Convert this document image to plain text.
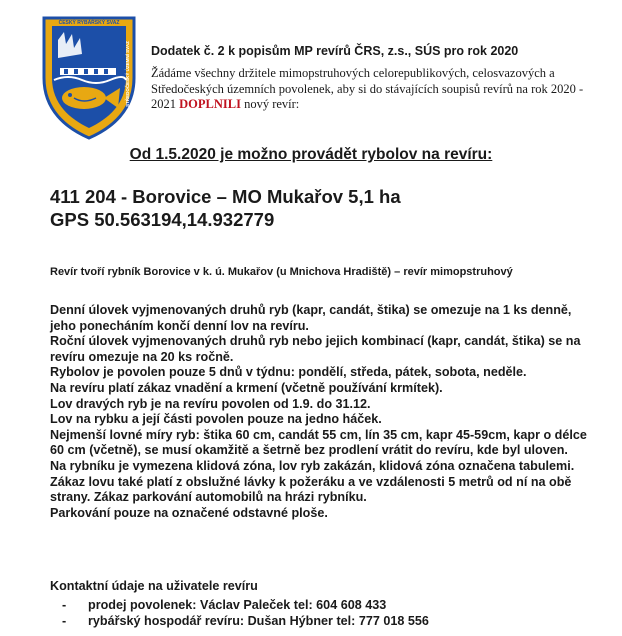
ČESKÝ RYBÁŘSKÝ SVAZ
STŘEDOČESKÝ ÚZEMNÍ SVAZ Dodatek č. 2 k popisům MP revírů ČRS, z.s., SÚS pro rok 2020
Žádáme všechny držitele mimopstruhových celorepublikových, celosvazových a Středočeských územních povolenek, aby si do stávajících soupisů revírů na rok 2020 - 2021 DOPLNILI nový revír:
Od 1.5.2020 je možno provádět rybolov na revíru:
411 204 - Borovice – MO Mukařov 5,1 ha
GPS 50.563194,14.932779
Revír tvoří rybník Borovice v k. ú. Mukařov (u Mnichova Hradiště) – revír mimopstruhový

Denní úlovek vyjmenovaných druhů ryb (kapr, candát, štika) se omezuje na 1 ks denně, jeho ponecháním končí denní lov na revíru.

Roční úlovek vyjmenovaných druhů ryb nebo jejich kombinací (kapr, candát, štika) se na revíru omezuje na 20 ks ročně.

Rybolov je povolen pouze 5 dnů v týdnu: pondělí, středa, pátek, sobota, neděle.

Na revíru platí zákaz vnadění a krmení (včetně používání krmítek).

Lov dravých ryb je na revíru povolen od 1.9. do 31.12.

Lov na rybku a její části povolen pouze na jedno háček.

Nejmenší lovné míry ryb: štika 60 cm, candát 55 cm, lín 35 cm, kapr 45-59cm, kapr o délce 60 cm (včetně), se musí okamžitě a šetrně bez prodlení vrátit do revíru, kde byl uloven.

Na rybníku je vymezena klidová zóna, lov ryb zakázán, klidová zóna označena tabulemi. Zákaz lovu také platí z obslužné lávky k požeráku a ve vzdálenosti 5 metrů od ní na obě strany. Zákaz parkování automobilů na hrázi rybníku.

Parkování pouze na označené odstavné ploše.

Kontaktní údaje na uživatele revíru
- prodej povolenek: Václav Paleček tel: 604 608 433
- rybářský hospodář revíru: Dušan Hýbner tel: 777 018 556
